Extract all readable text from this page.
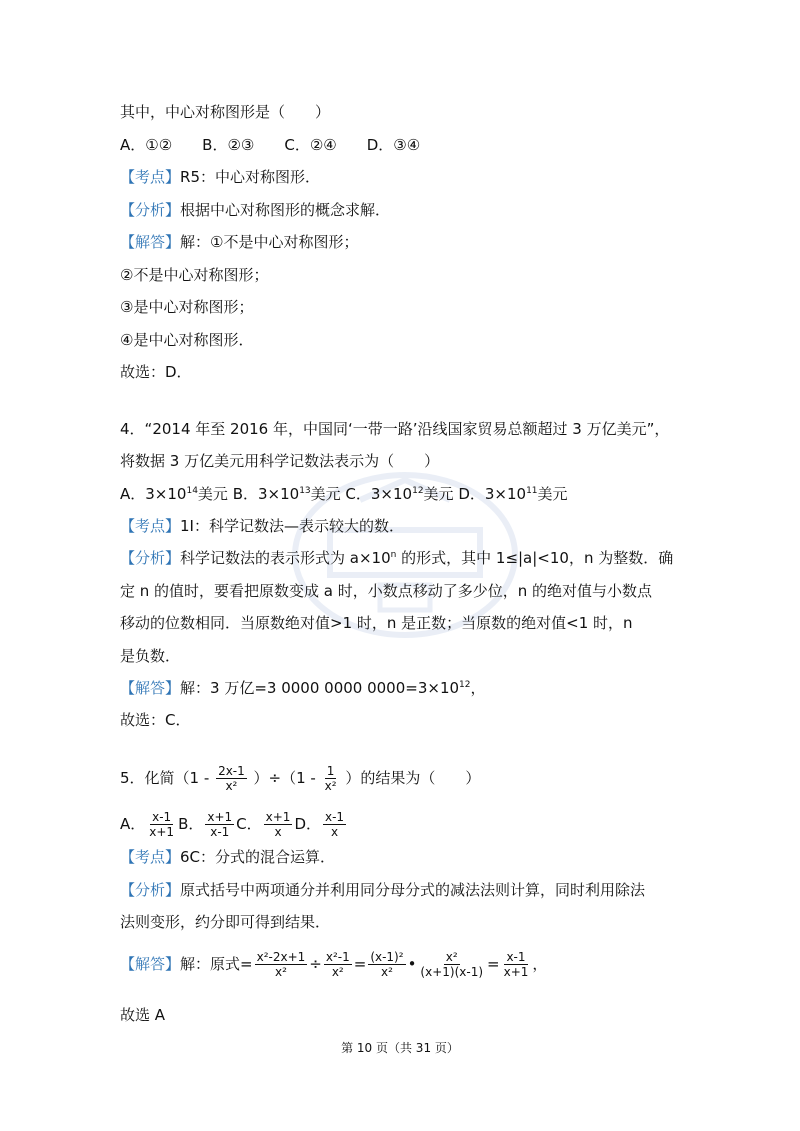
其中，中心对称图形是（　　）
A．①②　　B．②③　　C．②④　　D．③④
【考点】R5：中心对称图形．
【分析】根据中心对称图形的概念求解．
【解答】解：①不是中心对称图形；
②不是中心对称图形；
③是中心对称图形；
④是中心对称图形．
故选：D．
4．“2014 年至 2016 年，中国同‘一带一路’沿线国家贸易总额超过 3 万亿美元”，
将数据 3 万亿美元用科学记数法表示为（　　）
A．$3\times 10^{14}$美元 B．$3\times 10^{13}$美元 C．$3\times 10^{12}$美元 D．$3\times 10^{11}$美元
【考点】1I：科学记数法—表示较大的数．
【分析】科学记数法的表示形式为 $a\times 10^n$ 的形式，其中 1≤|a|<10，n 为整数．确
定 n 的值时，要看把原数变成 a 时，小数点移动了多少位，n 的绝对值与小数点
移动的位数相同．当原数绝对值>1 时，n 是正数；当原数的绝对值<1 时，n
是负数．
【解答】解：3 万亿=3 0000 0000 $0000=3\times 10^{12}$，
故选：C．
5．化简$(1 - \frac{2x-1}{\text{x²}} )\div(1 - \frac{1}{\text{x²}}$ ）的结果为（　　）
A． $\frac{x-1}{x+1}$ B． $\frac{x+1}{x-1}$ C． $\frac{x+1}{x}$ D． $\frac{x-1}{x}$
【考点】6C：分式的混合运算．
【分析】原式括号中两项通分并利用同分母分式的减法法则计算，同时利用除法
法则变形，约分即可得到结果．
【解答】解：原式= $\frac{\text{x²-2x+1}}{\text{x²}} \div \frac{\text{x²-1}}{\text{x²}} = \frac{\text{(x-1)²}}{\text{x²}}$ • $\frac{\text{x²}}{(x+1)(x-1)} = \frac{x-1}{x+1}$ ，
故选 A
第 10 页（共 31 页）
